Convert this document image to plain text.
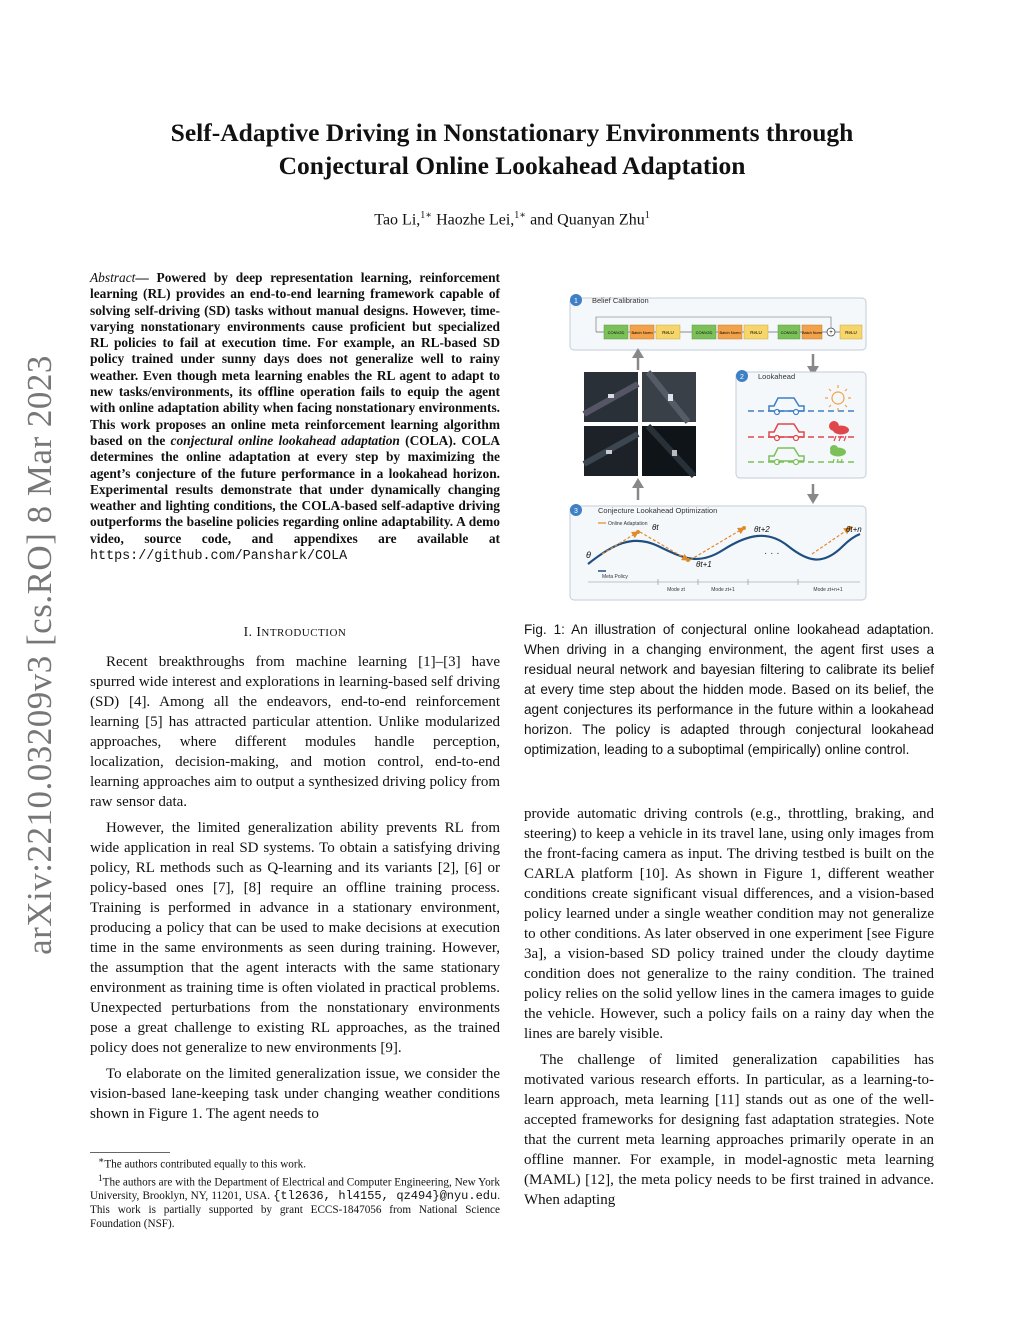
arXiv:2210.03209v3 [cs.RO] 8 Mar 2023
Self-Adaptive Driving in Nonstationary Environments through
Conjectural Online Lookahead Adaptation
Tao Li,$^{1∗}$ Haozhe Lei,$^{1∗}$ and Quanyan Zhu$^1$
Abstract— Powered by deep representation learning, reinforcement learning (RL) provides an end-to-end learning framework capable of solving self-driving (SD) tasks without manual designs. However, time-varying nonstationary environments cause proficient but specialized RL policies to fail at execution time. For example, an RL-based SD policy trained under sunny days does not generalize well to rainy weather. Even though meta learning enables the RL agent to adapt to new tasks/environments, its offline operation fails to equip the agent with online adaptation ability when facing nonstationary environments. This work proposes an online meta reinforcement learning algorithm based on the conjectural online lookahead adaptation (COLA). COLA determines the online adaptation at every step by maximizing the agent’s conjecture of the future performance in a lookahead horizon. Experimental results demonstrate that under dynamically changing weather and lighting conditions, the COLA-based self-adaptive driving outperforms the baseline policies regarding online adaptability. A demo video, source code, and appendixes are available at https://github.com/Panshark/COLA
I. INTRODUCTION

Recent breakthroughs from machine learning [1]–[3] have spurred wide interest and explorations in learning-based self driving (SD) [4]. Among all the endeavors, end-to-end reinforcement learning [5] has attracted particular attention. Unlike modularized approaches, where different modules handle perception, localization, decision-making, and motion control, end-to-end learning approaches aim to output a synthesized driving policy from raw sensor data.

However, the limited generalization ability prevents RL from wide application in real SD systems. To obtain a satisfying driving policy, RL methods such as Q-learning and its variants [2], [6] or policy-based ones [7], [8] require an offline training process. Training is performed in advance in a stationary environment, producing a policy that can be used to make decisions at execution time in the same environments as seen during training. However, the assumption that the agent interacts with the same stationary environment as training time is often violated in practical problems. Unexpected perturbations from the nonstationary environments pose a great challenge to existing RL approaches, as the trained policy does not generalize to new environments [9].

To elaborate on the limited generalization issue, we consider the vision-based lane-keeping task under changing weather conditions shown in Figure 1. The agent needs to

∗The authors contributed equally to this work.

$^1$The authors are with the Department of Electrical and Computer Engineering, New York University, Brooklyn, NY, 11201, USA. {tl2636, hl4155, qz494}@nyu.edu. This work is partially supported by grant ECCS-1847056 from National Science Foundation (NSF).

1 Belief Calibration
CONV2D Batch Norm ReLU	CONV2D Batch Norm ReLU	CONV2D Batch Norm +	ReLU
2 Lookahead
3	Conjecture Lookahead Optimization
Online Adaptation
Meta Policy
θ
θt
θt+1
θt+2	θt+n
· · ·
Mode zt	Mode zt+1	Mode zt+n+1
Fig. 1: An illustration of conjectural online lookahead adaptation. When driving in a changing environment, the agent first uses a residual neural network and bayesian filtering to calibrate its belief at every time step about the hidden mode. Based on its belief, the agent conjectures its performance in the future within a lookahead horizon. The policy is adapted through conjectural lookahead optimization, leading to a suboptimal (empirically) online control.

provide automatic driving controls (e.g., throttling, braking, and steering) to keep a vehicle in its travel lane, using only images from the front-facing camera as input. The driving testbed is built on the CARLA platform [10]. As shown in Figure 1, different weather conditions create significant visual differences, and a vision-based policy learned under a single weather condition may not generalize to other conditions. As later observed in one experiment [see Figure 3a], a vision-based SD policy trained under the cloudy daytime condition does not generalize to the rainy condition. The trained policy relies on the solid yellow lines in the camera images to guide the vehicle. However, such a policy fails on a rainy day when the lines are barely visible.

The challenge of limited generalization capabilities has motivated various research efforts. In particular, as a learning-to-learn approach, meta learning [11] stands out as one of the well-accepted frameworks for designing fast adaptation strategies. Note that the current meta learning approaches primarily operate in an offline manner. For example, in model-agnostic meta learning (MAML) [12], the meta policy needs to be first trained in advance. When adapting
